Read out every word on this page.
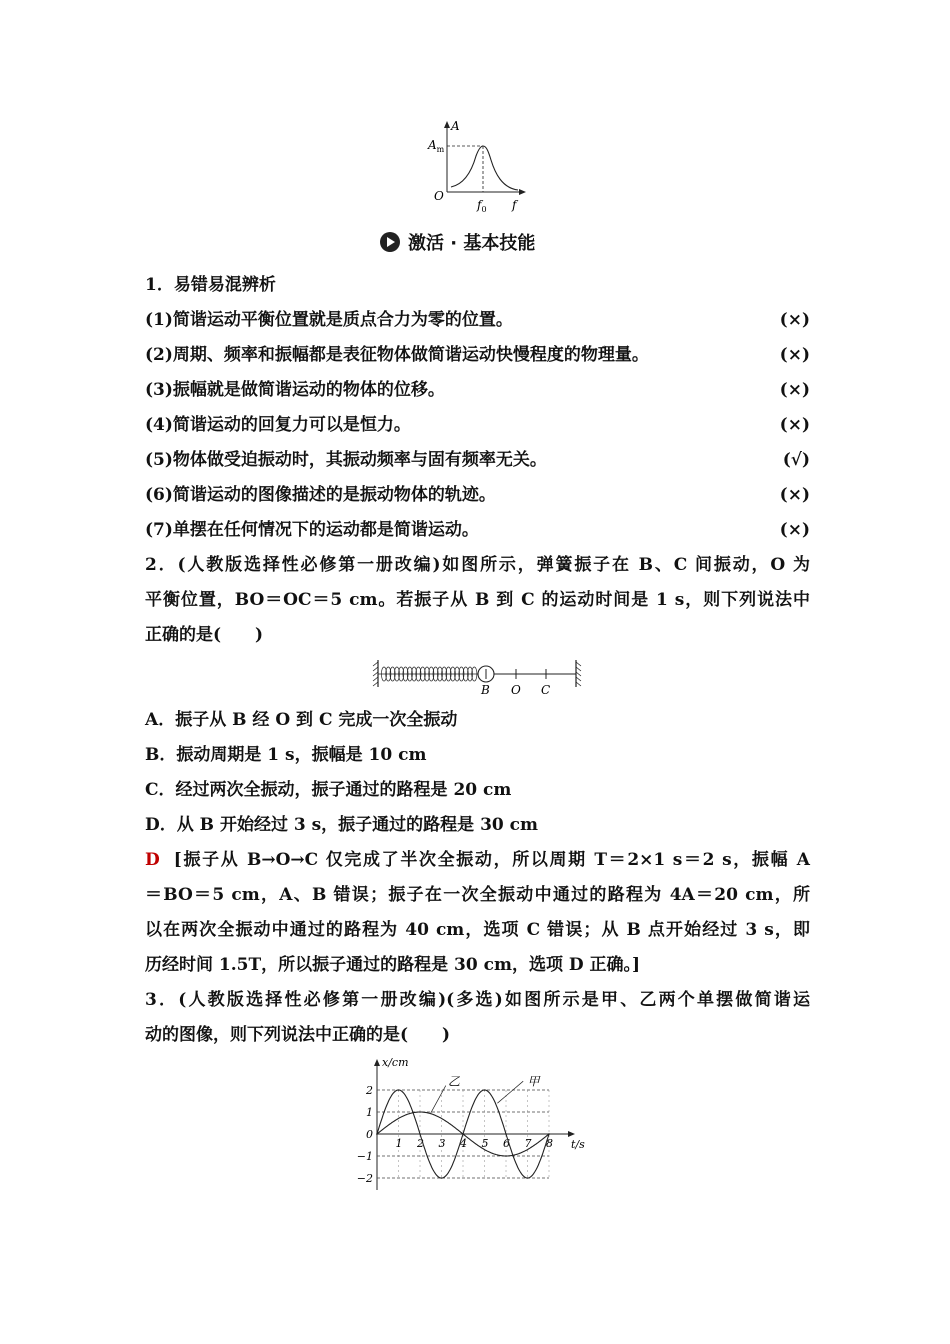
A
$A_m$
O
$f_0$ f
激活 · 基本技能
1．易错易混辨析
(1)简谐运动平衡位置就是质点合力为零的位置。	(×)
(2)周期、频率和振幅都是表征物体做简谐运动快慢程度的物理量。	(×)
(3)振幅就是做简谐运动的物体的位移。	(×)
(4)简谐运动的回复力可以是恒力。	(×)
(5)物体做受迫振动时，其振动频率与固有频率无关。	(√)
(6)简谐运动的图像描述的是振动物体的轨迹。	(×)
(7)单摆在任何情况下的运动都是简谐运动。	(×)
2．(人教版选择性必修第一册改编)如图所示，弹簧振子在 B、C 间振动，O 为
平衡位置，BO＝OC＝5 cm。若振子从 B 到 C 的运动时间是 1 s，则下列说法中
正确的是(　　)
B O C
A．振子从 B 经 O 到 C 完成一次全振动
B．振动周期是 1 s，振幅是 10 cm
C．经过两次全振动，振子通过的路程是 20 cm
D．从 B 开始经过 3 s，振子通过的路程是 30 cm
D [振子从 B→O→C 仅完成了半次全振动，所以周期 T＝2×1 s＝2 s，振幅 A
＝BO＝5 cm，A、B 错误；振子在一次全振动中通过的路程为 4A＝20 cm，所
以在两次全振动中通过的路程为 40 cm，选项 C 错误；从 B 点开始经过 3 s，即
历经时间 1.5T，所以振子通过的路程是 30 cm，选项 D 正确。]
3．(人教版选择性必修第一册改编)(多选)如图所示是甲、乙两个单摆做简谐运
动的图像，则下列说法中正确的是(　　)
1 2 3 4 5 6 7 8
2
1
−1
−2
0
t/s
x/cm
甲
乙
